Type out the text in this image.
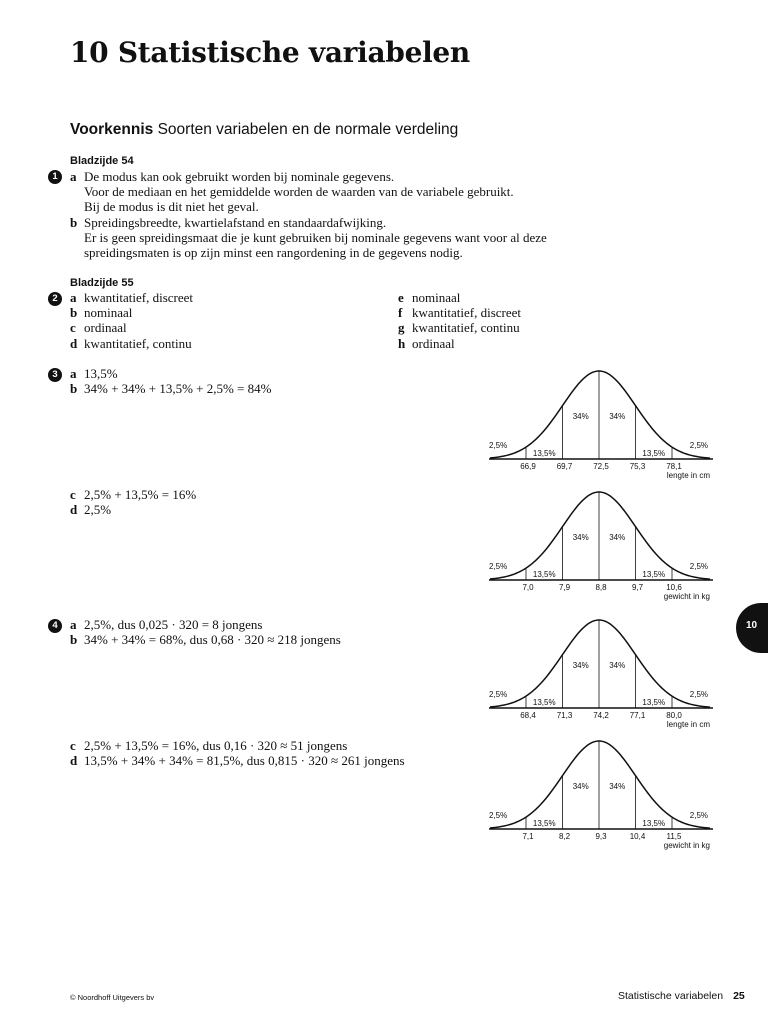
10 Statistische variabelen
Voorkennis Soorten variabelen en de normale verdeling
Bladzijde 54
1 a De modus kan ook gebruikt worden bij nominale gegevens.
Voor de mediaan en het gemiddelde worden de waarden van de variabele gebruikt.
Bij de modus is dit niet het geval.
b Spreidingsbreedte, kwartielafstand en standaardafwijking.
Er is geen spreidingsmaat die je kunt gebruiken bij nominale gegevens want voor al deze
spreidingsmaten is op zijn minst een rangordening in de gegevens nodig.
Bladzijde 55
2 a kwantitatief, discreet
b nominaal
c ordinaal
d kwantitatief, continu
e nominaal
f kwantitatief, discreet
g kwantitatief, continu
h ordinaal
3 a 13,5%
b 34% + 34% + 13,5% + 2,5% = 84%
c 2,5% + 13,5% = 16%
d 2,5%
4 a 2,5%, dus 0,025 · 320 = 8 jongens
b 34% + 34% = 68%, dus 0,68 · 320 ≈ 218 jongens
c 2,5% + 13,5% = 16%, dus 0,16 · 320 ≈ 51 jongens
d 13,5% + 34% + 34% = 81,5%, dus 0,815 · 320 ≈ 261 jongens
66,9	69,7	72,5	75,3	78,1
lengte in cm
2,5%
13,5%
34%	34%
13,5%
2,5%
7,0	7,9	8,8	9,7	10,6
gewicht in kg
2,5%
13,5%
34%	34%
13,5%
2,5%
68,4	71,3	74,2	77,1	80,0
lengte in cm
2,5%
13,5%
34%	34%
13,5%
2,5%
7,1	8,2	9,3	10,4	11,5
gewicht in kg
2,5%
13,5%
34%	34%
13,5%
2,5%
10
© Noordhoff Uitgevers bv	Statistische variabelen 25
